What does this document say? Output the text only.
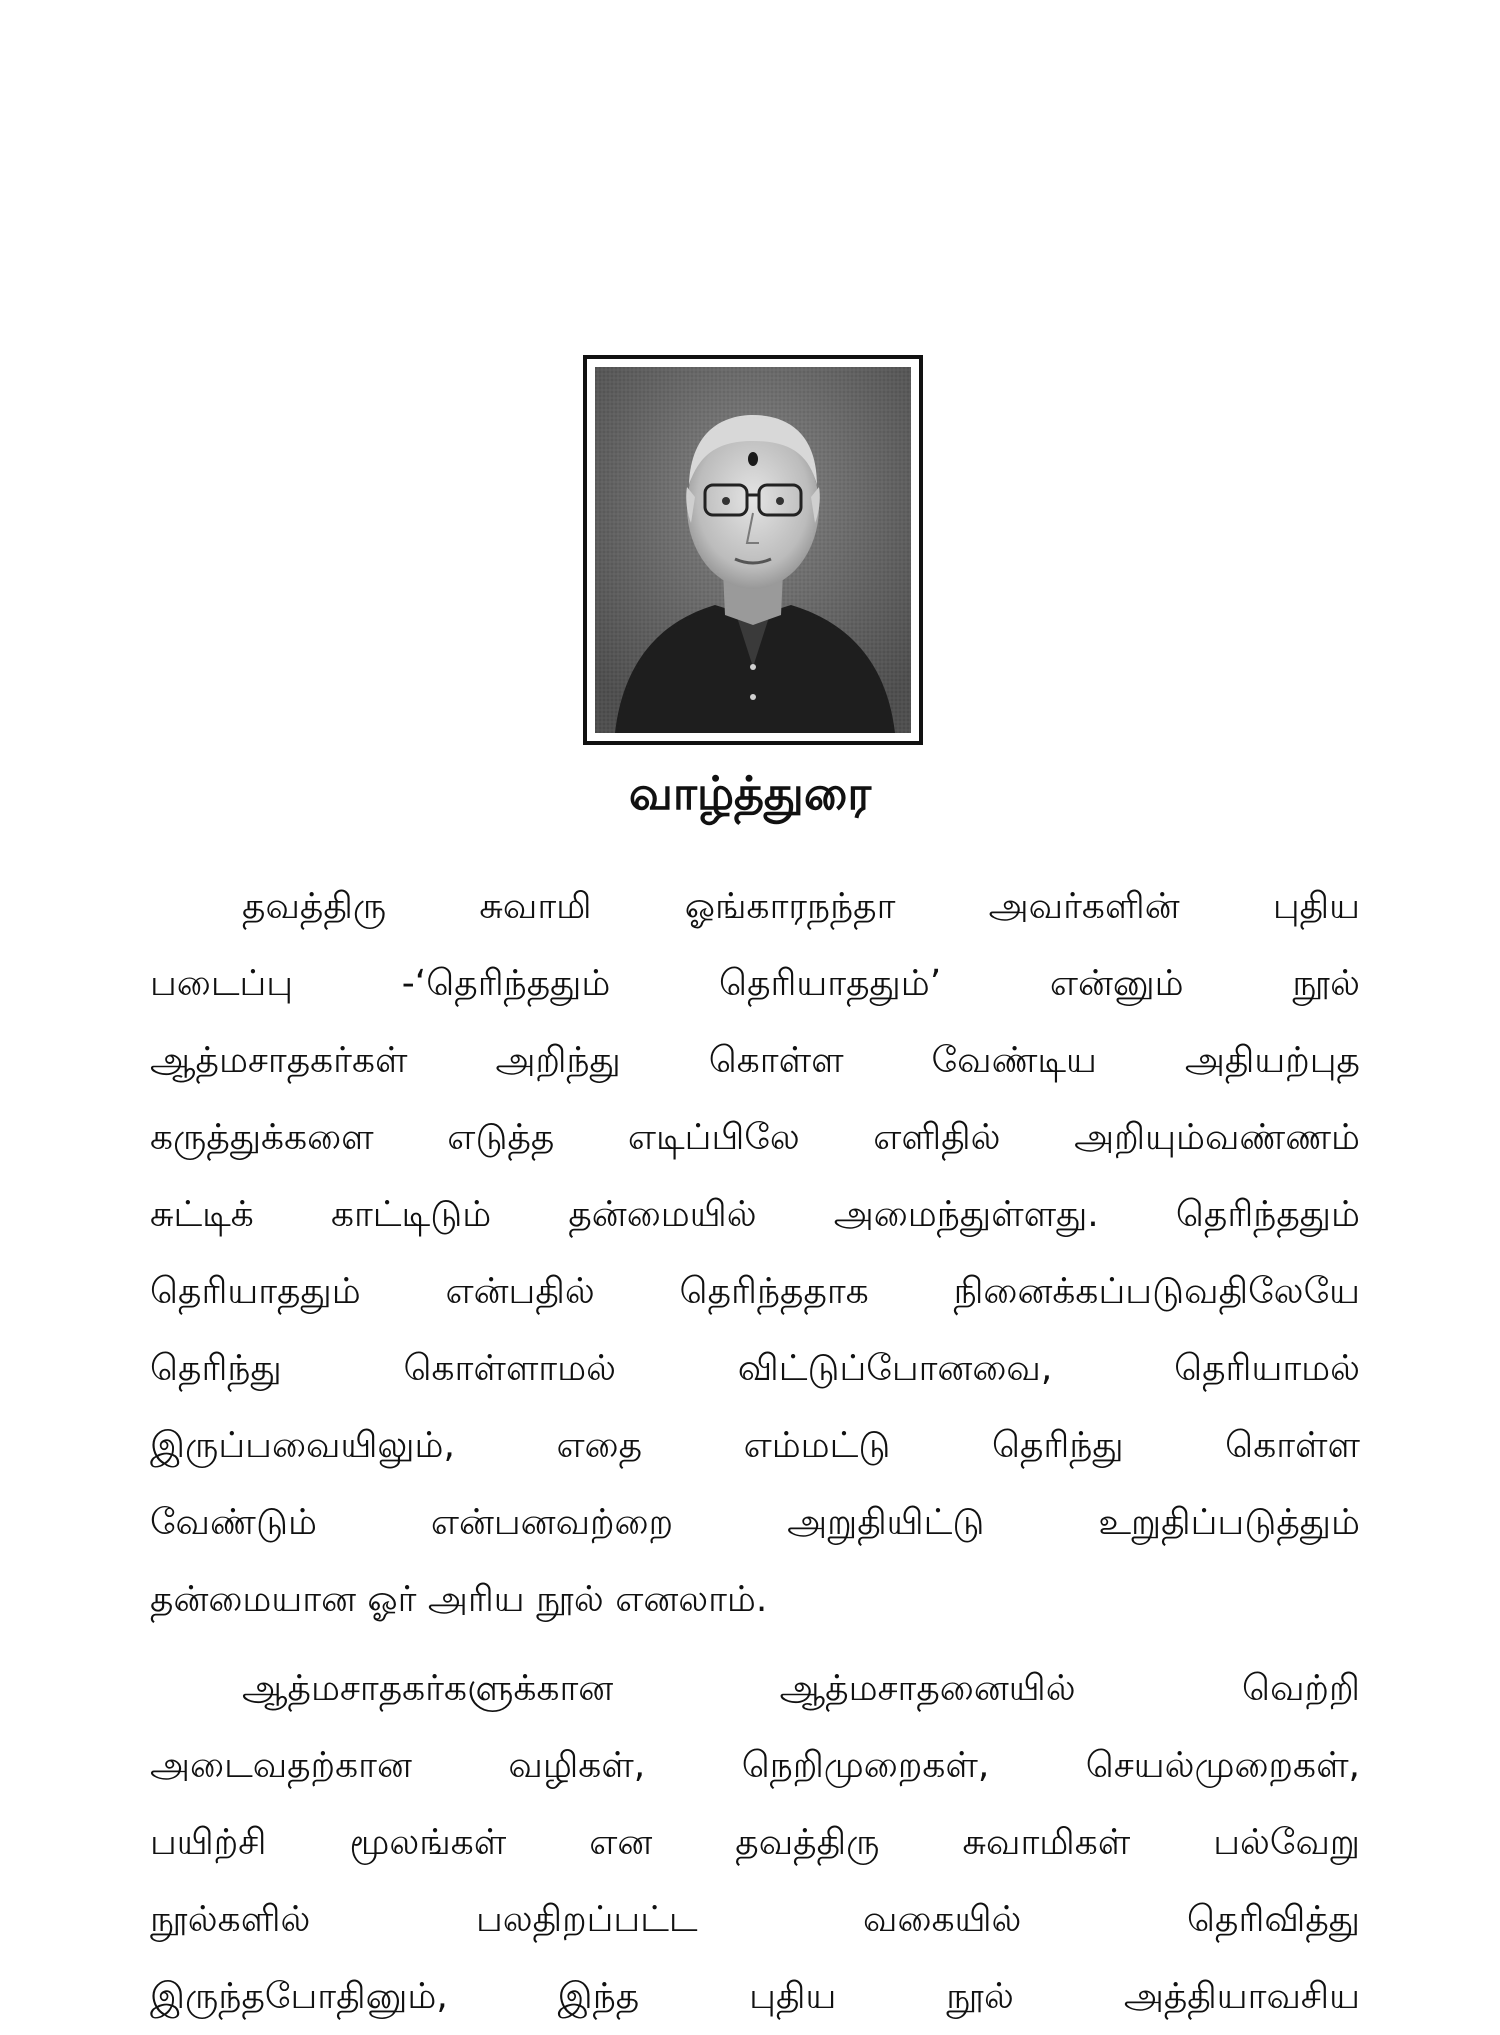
வாழ்த்துரை

தவத்திரு சுவாமி ஓங்காரநந்தா அவர்களின் புதிய
படைப்பு -‘தெரிந்ததும் தெரியாததும்’ என்னும் நூல்
ஆத்மசாதகர்கள் அறிந்து கொள்ள வேண்டிய அதியற்புத
கருத்துக்களை எடுத்த எடிப்பிலே எளிதில் அறியும்வண்ணம்
சுட்டிக் காட்டிடும் தன்மையில் அமைந்துள்ளது. தெரிந்ததும்
தெரியாததும் என்பதில் தெரிந்ததாக நினைக்கப்படுவதிலேயே
தெரிந்து கொள்ளாமல் விட்டுப்போனவை, தெரியாமல்
இருப்பவையிலும், எதை எம்மட்டு தெரிந்து கொள்ள
வேண்டும் என்பனவற்றை அறுதியிட்டு உறுதிப்படுத்தும்
தன்மையான ஓர் அரிய நூல் எனலாம்.

ஆத்மசாதகர்களுக்கான ஆத்மசாதனையில் வெற்றி
அடைவதற்கான வழிகள், நெறிமுறைகள், செயல்முறைகள்,
பயிற்சி மூலங்கள் என தவத்திரு சுவாமிகள் பல்வேறு
நூல்களில் பலதிறப்பட்ட வகையில் தெரிவித்து
இருந்தபோதினும், இந்த புதிய நூல் அத்தியாவசிய
